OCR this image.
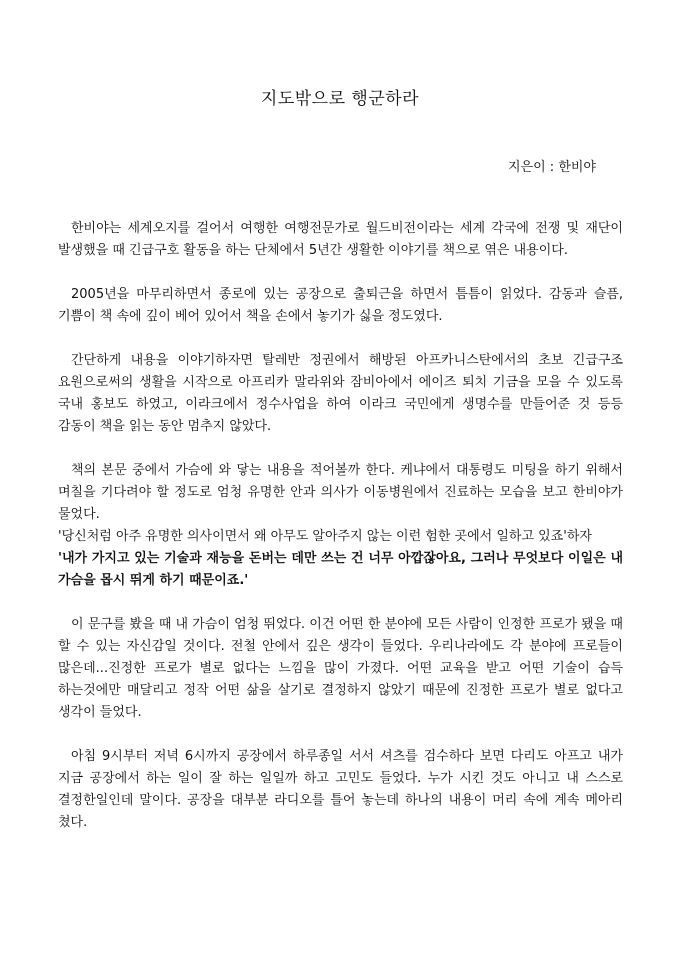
지도밖으로 행군하라
지은이 : 한비야

한비야는 세계오지를 걸어서 여행한 여행전문가로 월드비전이라는 세계 각국에 전쟁 및 재단이 발생했을 때 긴급구호 활동을 하는 단체에서 5년간 생활한 이야기를 책으로 엮은 내용이다.

2005년을 마무리하면서 종로에 있는 공장으로 출퇴근을 하면서 틈틈이 읽었다. 감동과 슬픔, 기쁨이 책 속에 깊이 베어 있어서 책을 손에서 놓기가 싫을 정도였다.

간단하게 내용을 이야기하자면 탈레반 정권에서 해방된 아프카니스탄에서의 초보 긴급구조 요원으로써의 생활을 시작으로 아프리카 말라위와 잠비아에서 에이즈 퇴치 기금을 모을 수 있도록 국내 홍보도 하였고, 이라크에서 정수사업을 하여 이라크 국민에게 생명수를 만들어준 것 등등 감동이 책을 읽는 동안 멈추지 않았다.

책의 본문 중에서 가슴에 와 닿는 내용을 적어볼까 한다. 케냐에서 대통령도 미팅을 하기 위해서 며칠을 기다려야 할 정도로 엄청 유명한 안과 의사가 이동병원에서 진료하는 모습을 보고 한비야가 물었다.

'당신처럼 아주 유명한 의사이면서 왜 아무도 알아주지 않는 이런 험한 곳에서 일하고 있죠'하자

'내가 가지고 있는 기술과 재능을 돈버는 데만 쓰는 건 너무 아깝잖아요, 그러나 무엇보다 이일은 내 가슴을 몹시 뛰게 하기 때문이죠.'

이 문구를 봤을 때 내 가슴이 엄청 뛰었다. 이건 어떤 한 분야에 모든 사람이 인정한 프로가 됐을 때 할 수 있는 자신감일 것이다. 전철 안에서 깊은 생각이 들었다. 우리나라에도 각 분야에 프로들이 많은데...진정한 프로가 별로 없다는 느낌을 많이 가졌다. 어떤 교육을 받고 어떤 기술이 습득 하는것에만 매달리고 정작 어떤 삶을 살기로 결정하지 않았기 때문에 진정한 프로가 별로 없다고 생각이 들었다.

아침 9시부터 저녁 6시까지 공장에서 하루종일 서서 셔츠를 검수하다 보면 다리도 아프고 내가 지금 공장에서 하는 일이 잘 하는 일일까 하고 고민도 들었다. 누가 시킨 것도 아니고 내 스스로 결정한일인데 말이다. 공장을 대부분 라디오를 틀어 놓는데 하나의 내용이 머리 속에 계속 메아리 쳤다.
